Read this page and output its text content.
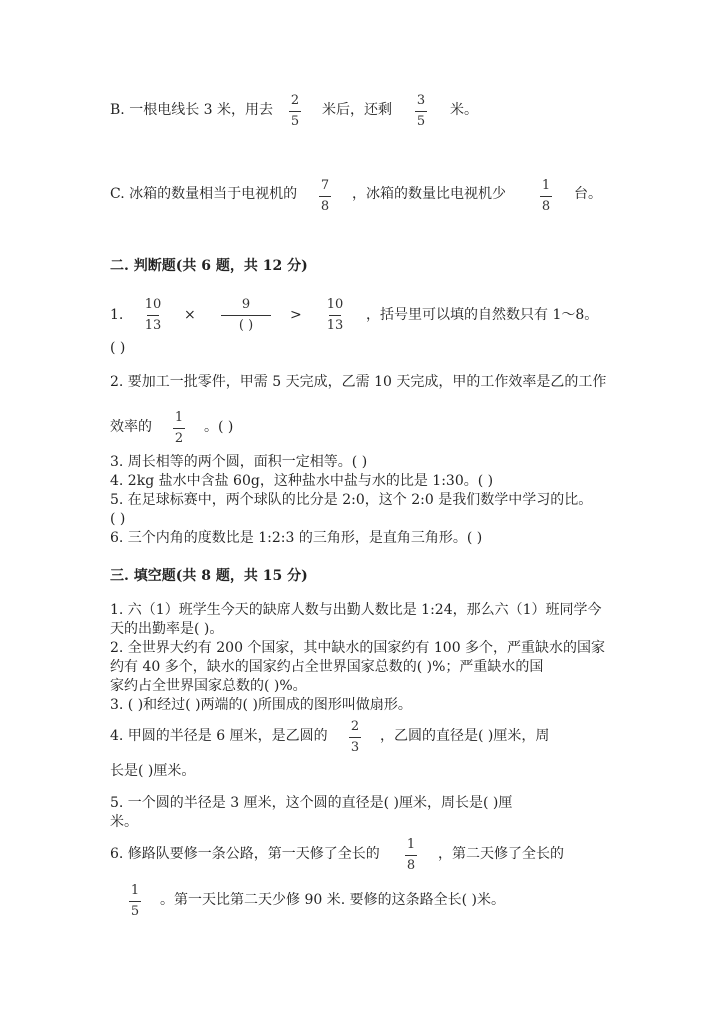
B. 一根电线长 3 米，用去
2
5
米后，还剩
3
5
米。
C. 冰箱的数量相当于电视机的
7
8
，冰箱的数量比电视机少
1
8
台。
二. 判断题(共 6 题，共 12 分)
1.
10
13
×
9
( )
>
10
13
，括号里可以填的自然数只有 1～8。
( )
2. 要加工一批零件，甲需 5 天完成，乙需 10 天完成，甲的工作效率是乙的工作
效率的
1
2
。( )
3. 周长相等的两个圆，面积一定相等。( )
4. 2kg 盐水中含盐 60g，这种盐水中盐与水的比是 1:30。( )
5. 在足球标赛中，两个球队的比分是 2:0，这个 2:0 是我们数学中学习的比。
( )
6. 三个内角的度数比是 1:2:3 的三角形，是直角三角形。( )
三. 填空题(共 8 题，共 15 分)
1. 六（1）班学生今天的缺席人数与出勤人数比是 1:24，那么六（1）班同学今
天的出勤率是( )。
2. 全世界大约有 200 个国家，其中缺水的国家约有 100 多个，严重缺水的国家
约有 40 多个，缺水的国家约占全世界国家总数的( )%；严重缺水的国
家约占全世界国家总数的( )%。
3. ( )和经过( )两端的( )所围成的图形叫做扇形。
4. 甲圆的半径是 6 厘米，是乙圆的
2
3
，乙圆的直径是( )厘米，周
长是( )厘米。
5. 一个圆的半径是 3 厘米，这个圆的直径是( )厘米，周长是( )厘
米。
6. 修路队要修一条公路，第一天修了全长的
1
8
，第二天修了全长的
1
5
。第一天比第二天少修 90 米. 要修的这条路全长( )米。
